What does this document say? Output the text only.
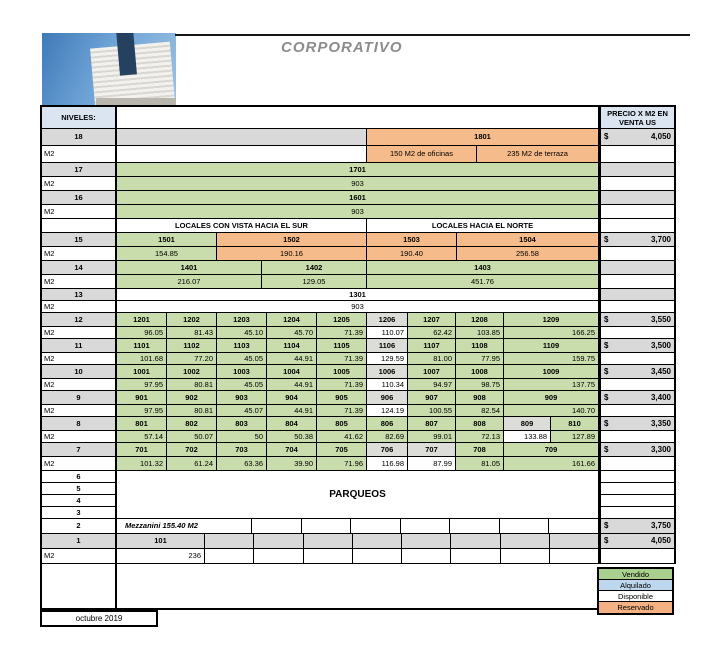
CORPORATIVO
NIVELES:	PRECIO X M2 EN VENTA US
18	1801	$	4,050
M2	150 M2 de oficinas	235 M2 de terraza
17	1701
M2	903
16	1601
M2	903
LOCALES CON VISTA HACIA EL SUR	LOCALES HACIA EL NORTE
15	1501	1502	1503	1504	$	3,700
M2	154.85	190.16	190.40	256.58
14	1401	1402	1403
M2	216.07	129.05	451.76
13	1301
M2	903
12	1201	1202	1203	1204	1205	1206	1207	1208	1209	$	3,550
M2	96.05	81.43	45.10	45.70	71.39	110.07	62.42	103.85	166.25
11	1101	1102	1103	1104	1105	1106	1107	1108	1109	$	3,500
M2	101.68	77.20	45.05	44.91	71.39	129.59	81.00	77.95	159.75
10	1001	1002	1003	1004	1005	1006	1007	1008	1009	$	3,450
M2	97.95	80.81	45.05	44.91	71.39	110.34	94.97	98.75	137.75
9	901	902	903	904	905	906	907	908	909	$	3,400
M2	97.95	80.81	45.07	44.91	71.39	124.19	100.55	82.54	140.70
8	801	802	803	804	805	806	807	808	809	810	$	3,350
M2	57.14	50.07	50	50.38	41.62	82.69	99.01	72.13	133.88	127.89
7	701	702	703	704	705	706	707	708	709	$	3,300
M2	101.32	61.24	63.36	39.90	71.96	116.98	87.99	81.05	161.66
6
5
4
3
PARQUEOS
2	Mezzanini 155.40 M2	$	3,750
1	101	$	4,050
M2	236
Vendido
Alquilado
Disponible
Reservado
octubre 2019
